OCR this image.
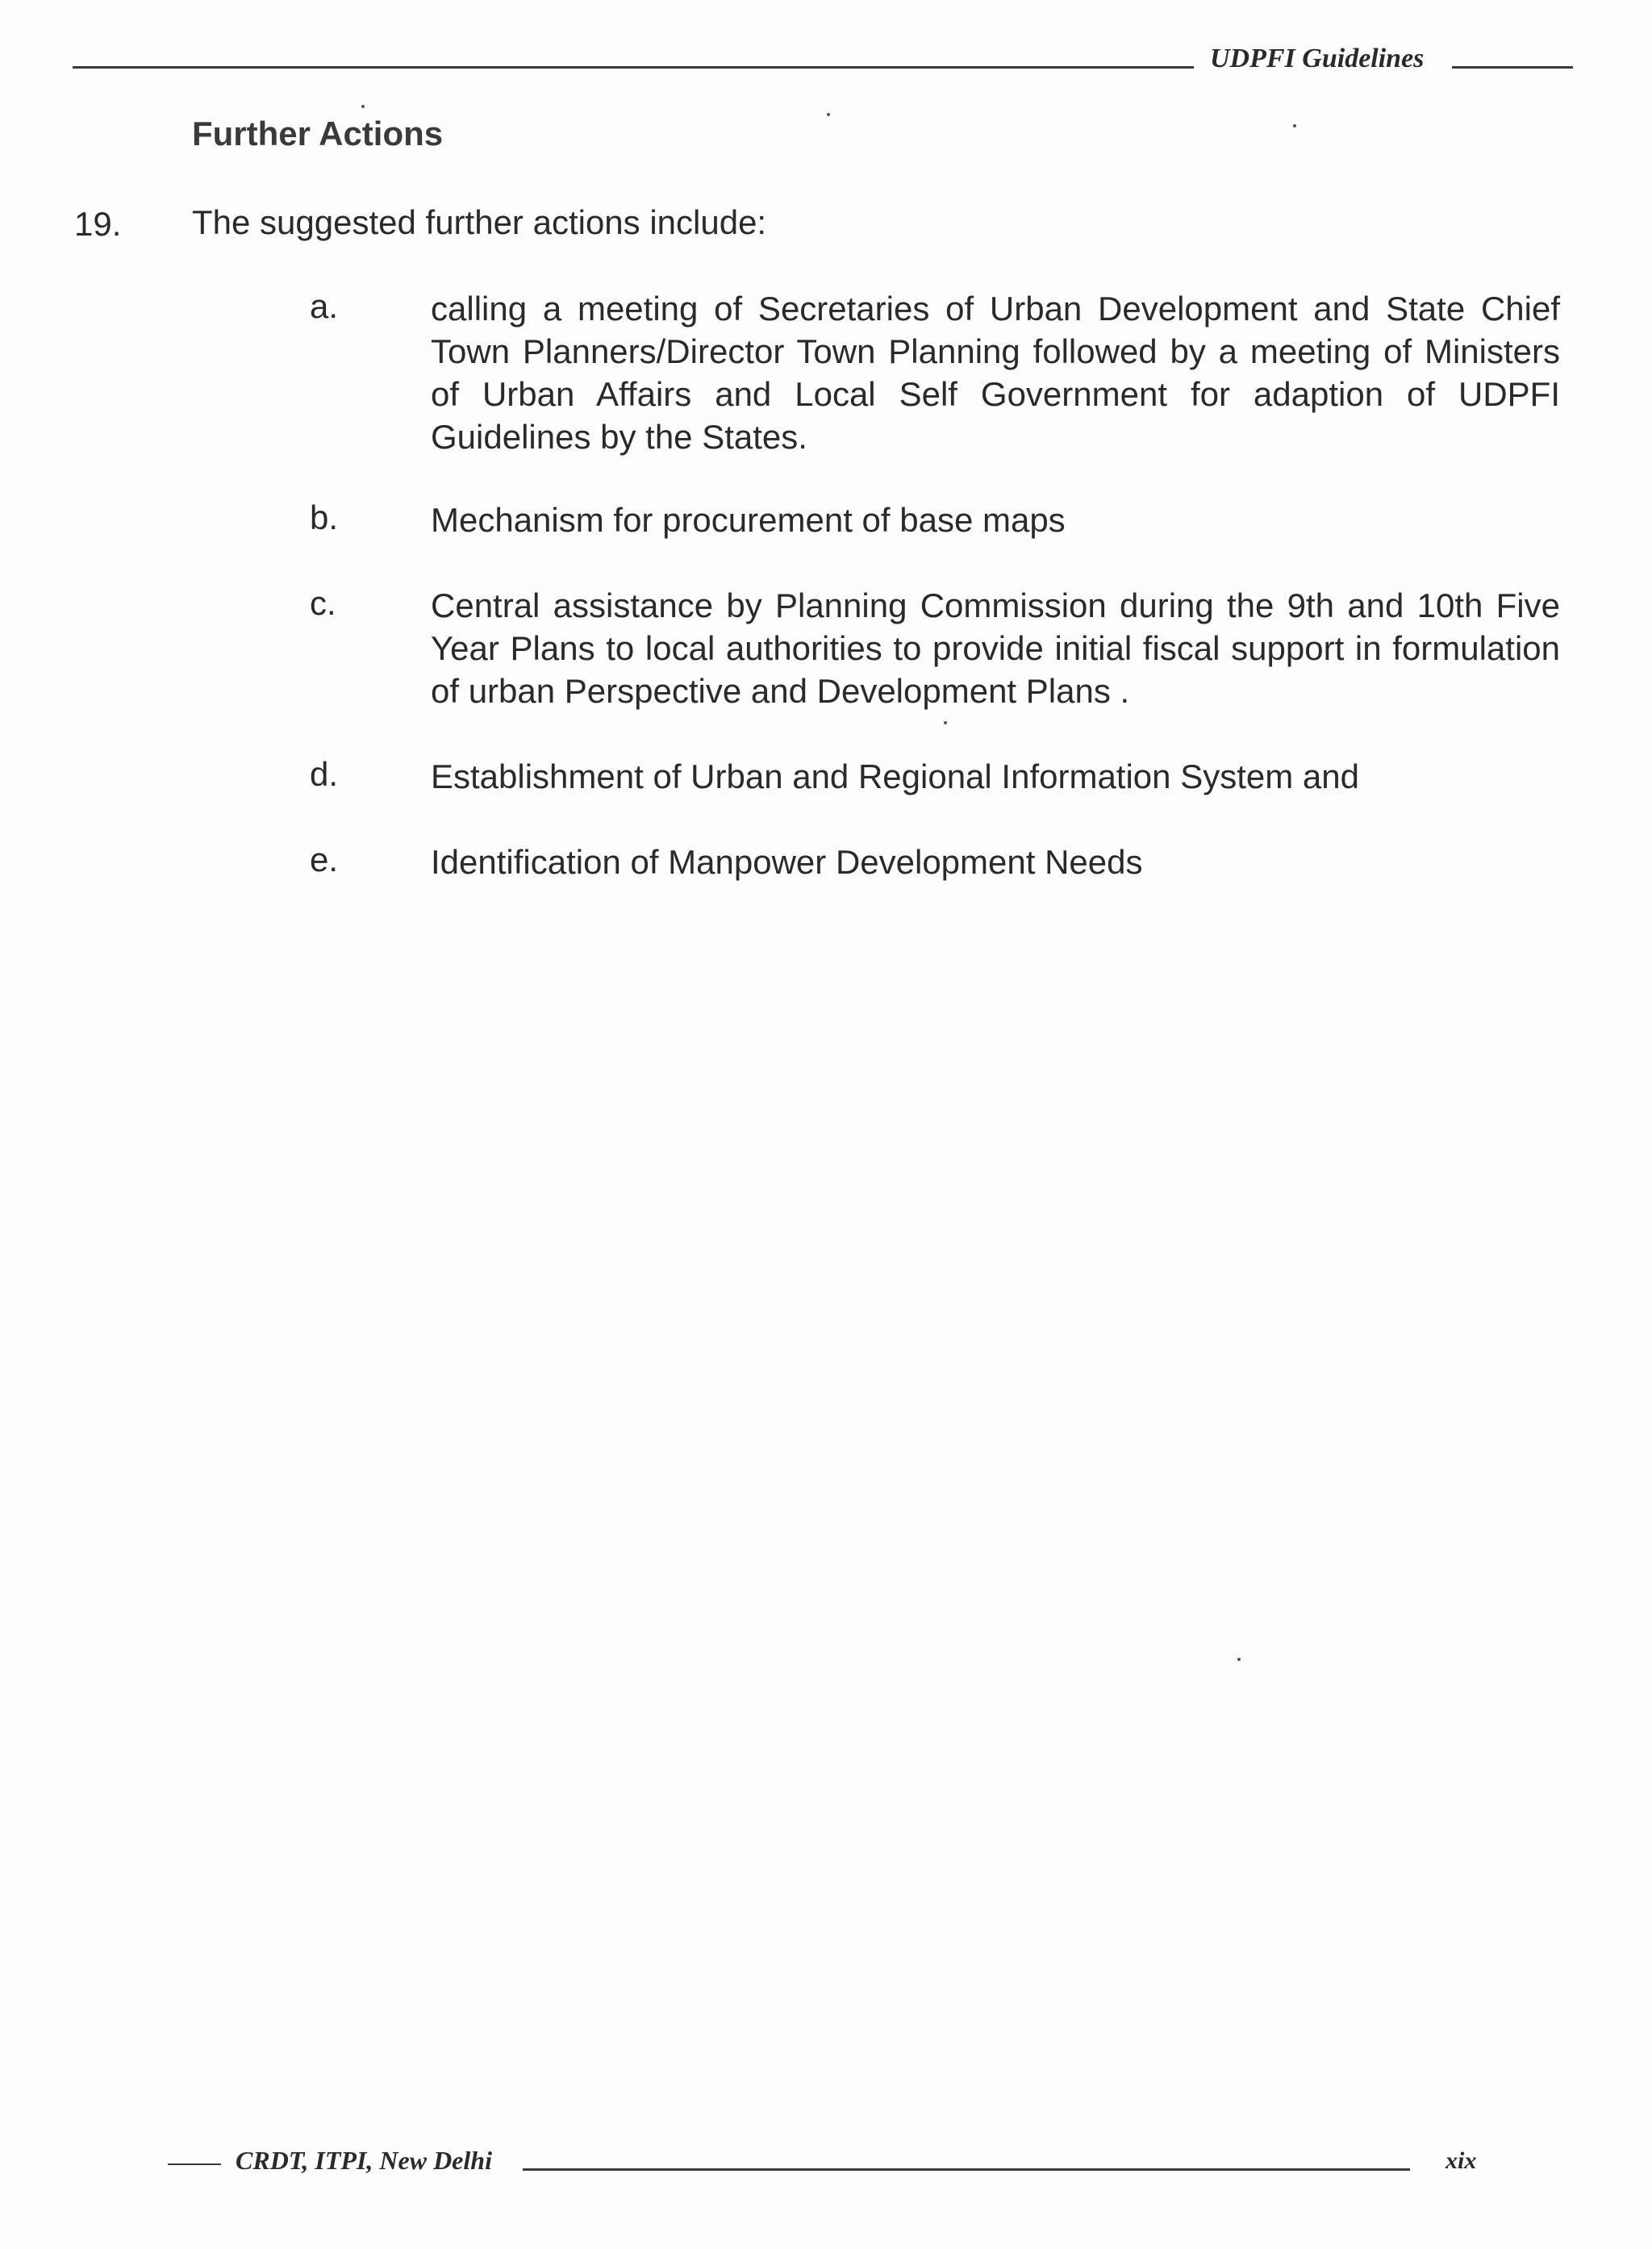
UDPFI Guidelines
Further Actions
19. The suggested further actions include:
a.	calling a meeting of Secretaries of Urban Development and State Chief Town Planners/Director Town Planning followed by a meeting of Ministers of Urban Affairs and Local Self Government for adaption of UDPFI Guidelines by the States.
b.	Mechanism for procurement of base maps
c.	Central assistance by Planning Commission during the 9th and 10th Five Year Plans to local authorities to provide initial fiscal support in formulation of urban Perspective and Development Plans .
d.	Establishment of Urban and Regional Information System and
e.	Identification of Manpower Development Needs
CRDT, ITPI, New Delhi	xix
